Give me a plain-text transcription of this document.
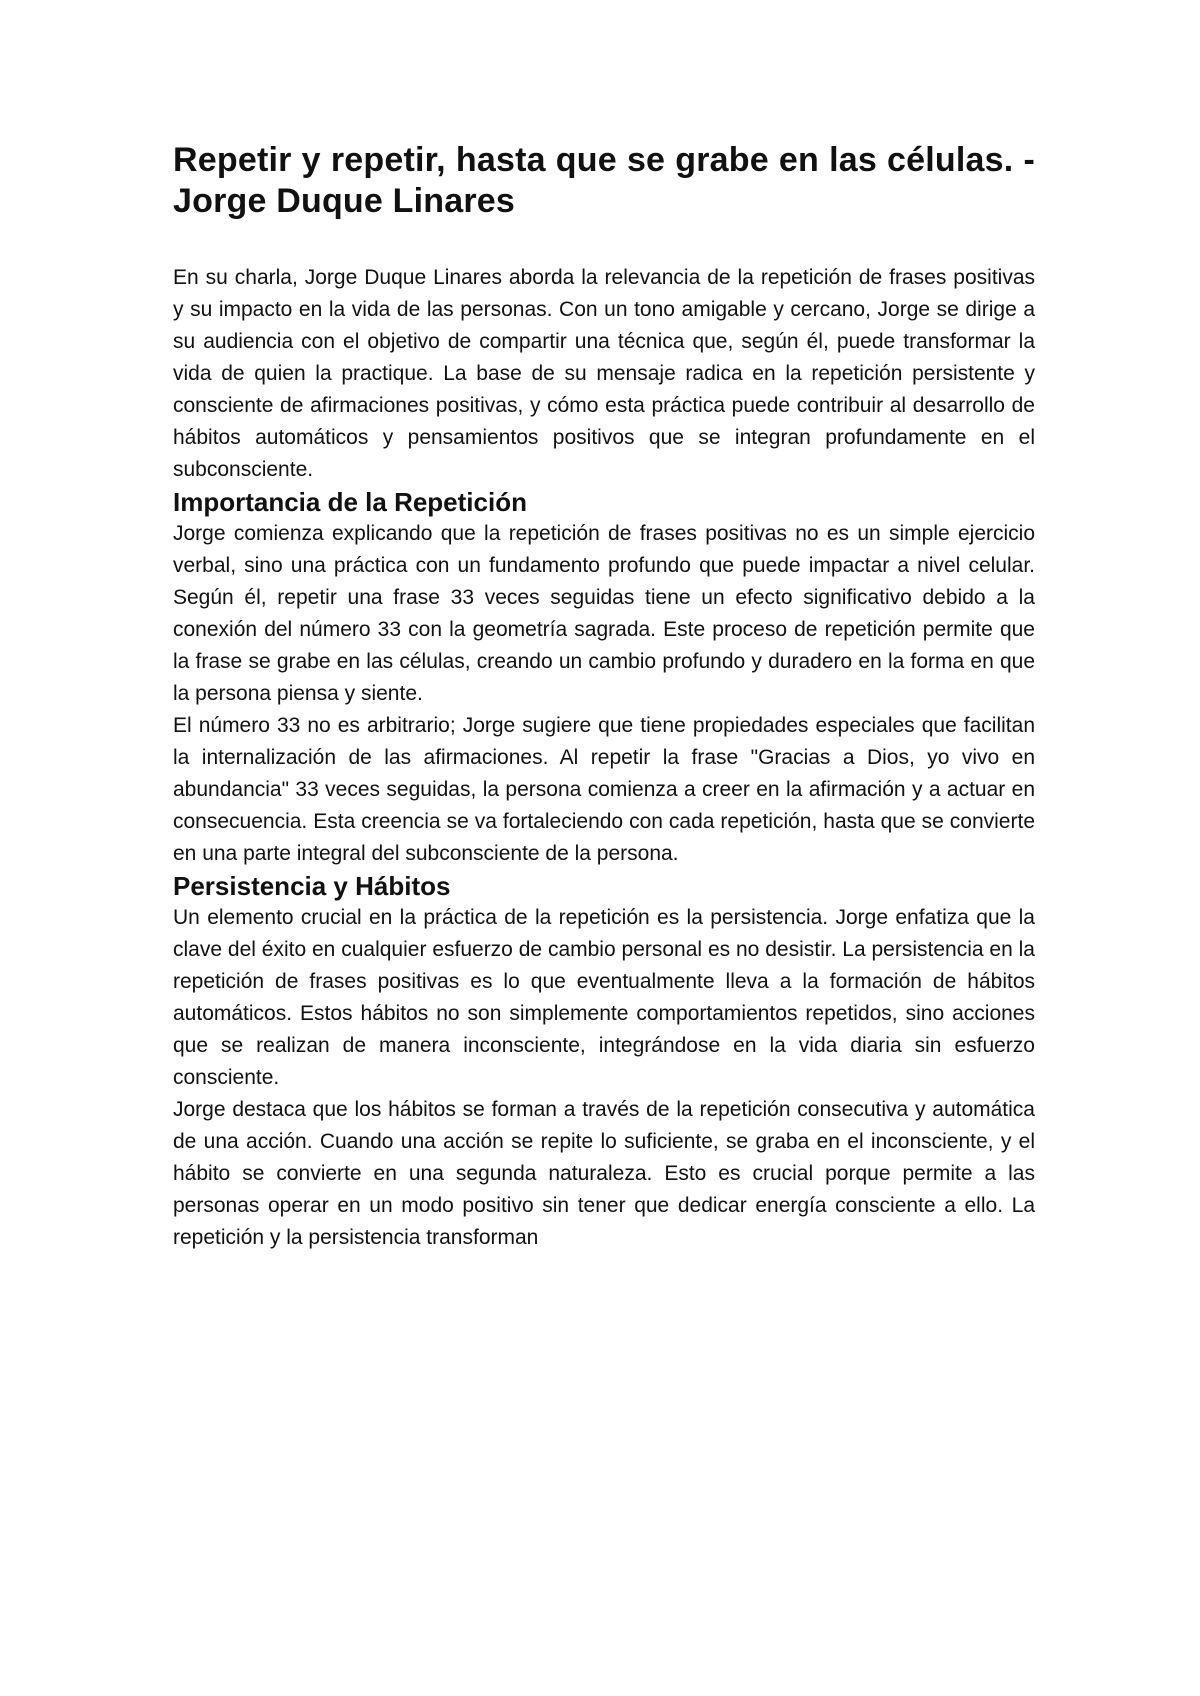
Repetir y repetir, hasta que se grabe en las células. - Jorge Duque Linares

En su charla, Jorge Duque Linares aborda la relevancia de la repetición de frases positivas y su impacto en la vida de las personas. Con un tono amigable y cercano, Jorge se dirige a su audiencia con el objetivo de compartir una técnica que, según él, puede transformar la vida de quien la practique. La base de su mensaje radica en la repetición persistente y consciente de afirmaciones positivas, y cómo esta práctica puede contribuir al desarrollo de hábitos automáticos y pensamientos positivos que se integran profundamente en el subconsciente.

Importancia de la Repetición

Jorge comienza explicando que la repetición de frases positivas no es un simple ejercicio verbal, sino una práctica con un fundamento profundo que puede impactar a nivel celular. Según él, repetir una frase 33 veces seguidas tiene un efecto significativo debido a la conexión del número 33 con la geometría sagrada. Este proceso de repetición permite que la frase se grabe en las células, creando un cambio profundo y duradero en la forma en que la persona piensa y siente.

El número 33 no es arbitrario; Jorge sugiere que tiene propiedades especiales que facilitan la internalización de las afirmaciones. Al repetir la frase "Gracias a Dios, yo vivo en abundancia" 33 veces seguidas, la persona comienza a creer en la afirmación y a actuar en consecuencia. Esta creencia se va fortaleciendo con cada repetición, hasta que se convierte en una parte integral del subconsciente de la persona.

Persistencia y Hábitos

Un elemento crucial en la práctica de la repetición es la persistencia. Jorge enfatiza que la clave del éxito en cualquier esfuerzo de cambio personal es no desistir. La persistencia en la repetición de frases positivas es lo que eventualmente lleva a la formación de hábitos automáticos. Estos hábitos no son simplemente comportamientos repetidos, sino acciones que se realizan de manera inconsciente, integrándose en la vida diaria sin esfuerzo consciente.

Jorge destaca que los hábitos se forman a través de la repetición consecutiva y automática de una acción. Cuando una acción se repite lo suficiente, se graba en el inconsciente, y el hábito se convierte en una segunda naturaleza. Esto es crucial porque permite a las personas operar en un modo positivo sin tener que dedicar energía consciente a ello. La repetición y la persistencia transforman
